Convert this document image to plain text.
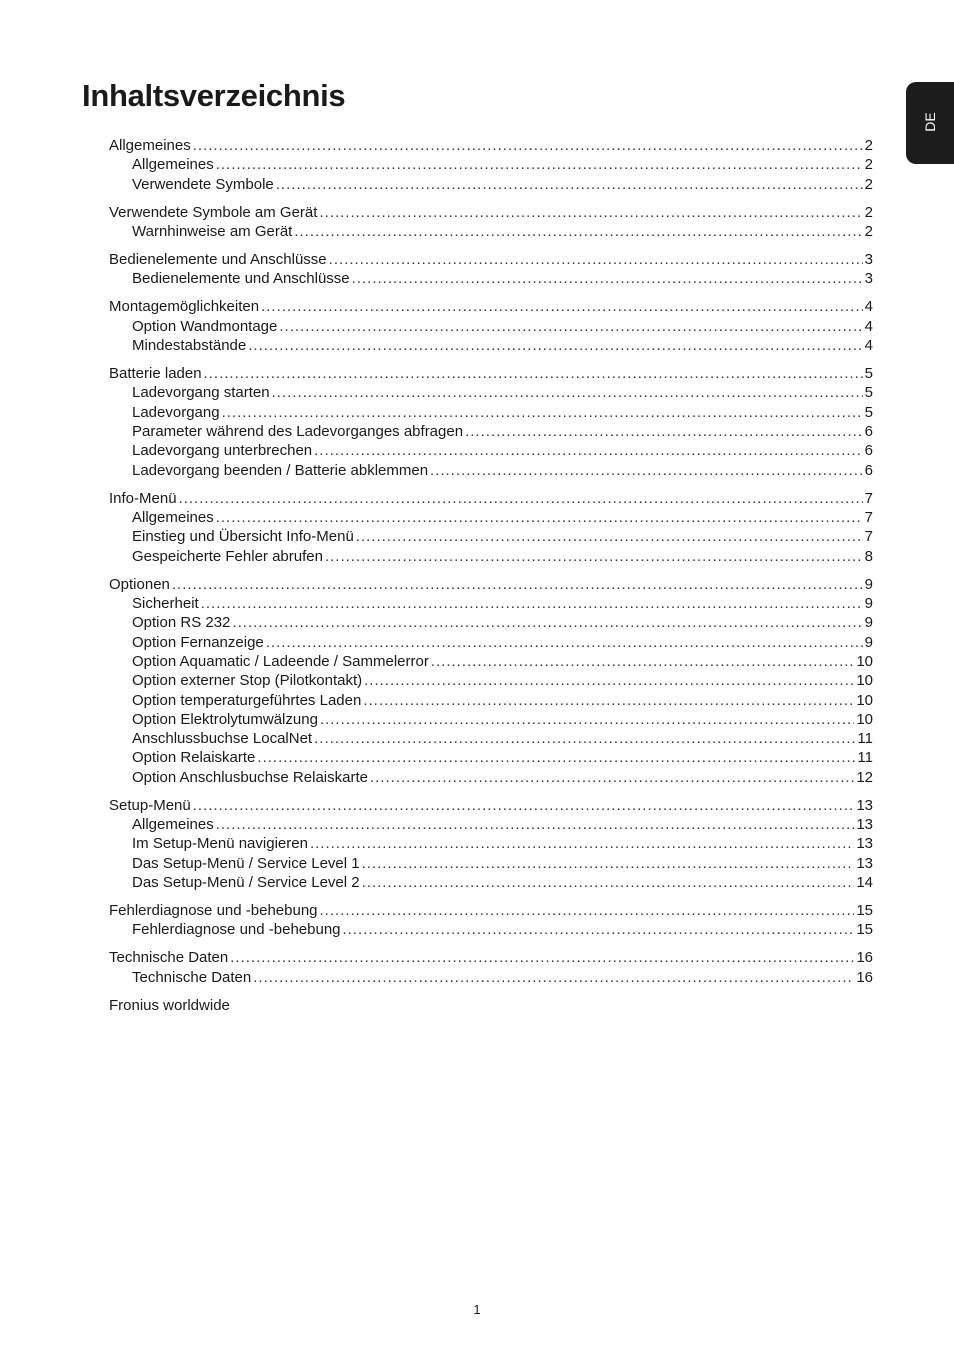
Inhaltsverzeichnis
DE
Allgemeines .....	2
Allgemeines .....	2
Verwendete Symbole .....	2
Verwendete Symbole am Gerät .....	2
Warnhinweise am Gerät .....	2
Bedienelemente und Anschlüsse .....	3
Bedienelemente und Anschlüsse .....	3
Montagemöglichkeiten .....	4
Option Wandmontage .....	4
Mindestabstände .....	4
Batterie laden .....	5
Ladevorgang starten .....	5
Ladevorgang .....	5
Parameter während des Ladevorganges abfragen .....	6
Ladevorgang unterbrechen .....	6
Ladevorgang beenden / Batterie abklemmen .....	6
Info-Menü .....	7
Allgemeines .....	7
Einstieg und Übersicht Info-Menü .....	7
Gespeicherte Fehler abrufen .....	8
Optionen .....	9
Sicherheit .....	9
Option RS 232 .....	9
Option Fernanzeige .....	9
Option Aquamatic / Ladeende / Sammelerror .....	10
Option externer Stop (Pilotkontakt) .....	10
Option temperaturgeführtes Laden .....	10
Option Elektrolytumwälzung .....	10
Anschlussbuchse LocalNet .....	11
Option Relaiskarte .....	11
Option Anschlusbuchse Relaiskarte .....	12
Setup-Menü .....	13
Allgemeines .....	13
Im Setup-Menü navigieren .....	13
Das Setup-Menü / Service Level 1 .....	13
Das Setup-Menü / Service Level 2 .....	14
Fehlerdiagnose und -behebung .....	15
Fehlerdiagnose und -behebung .....	15
Technische Daten .....	16
Technische Daten .....	16
Fronius worldwide
1
